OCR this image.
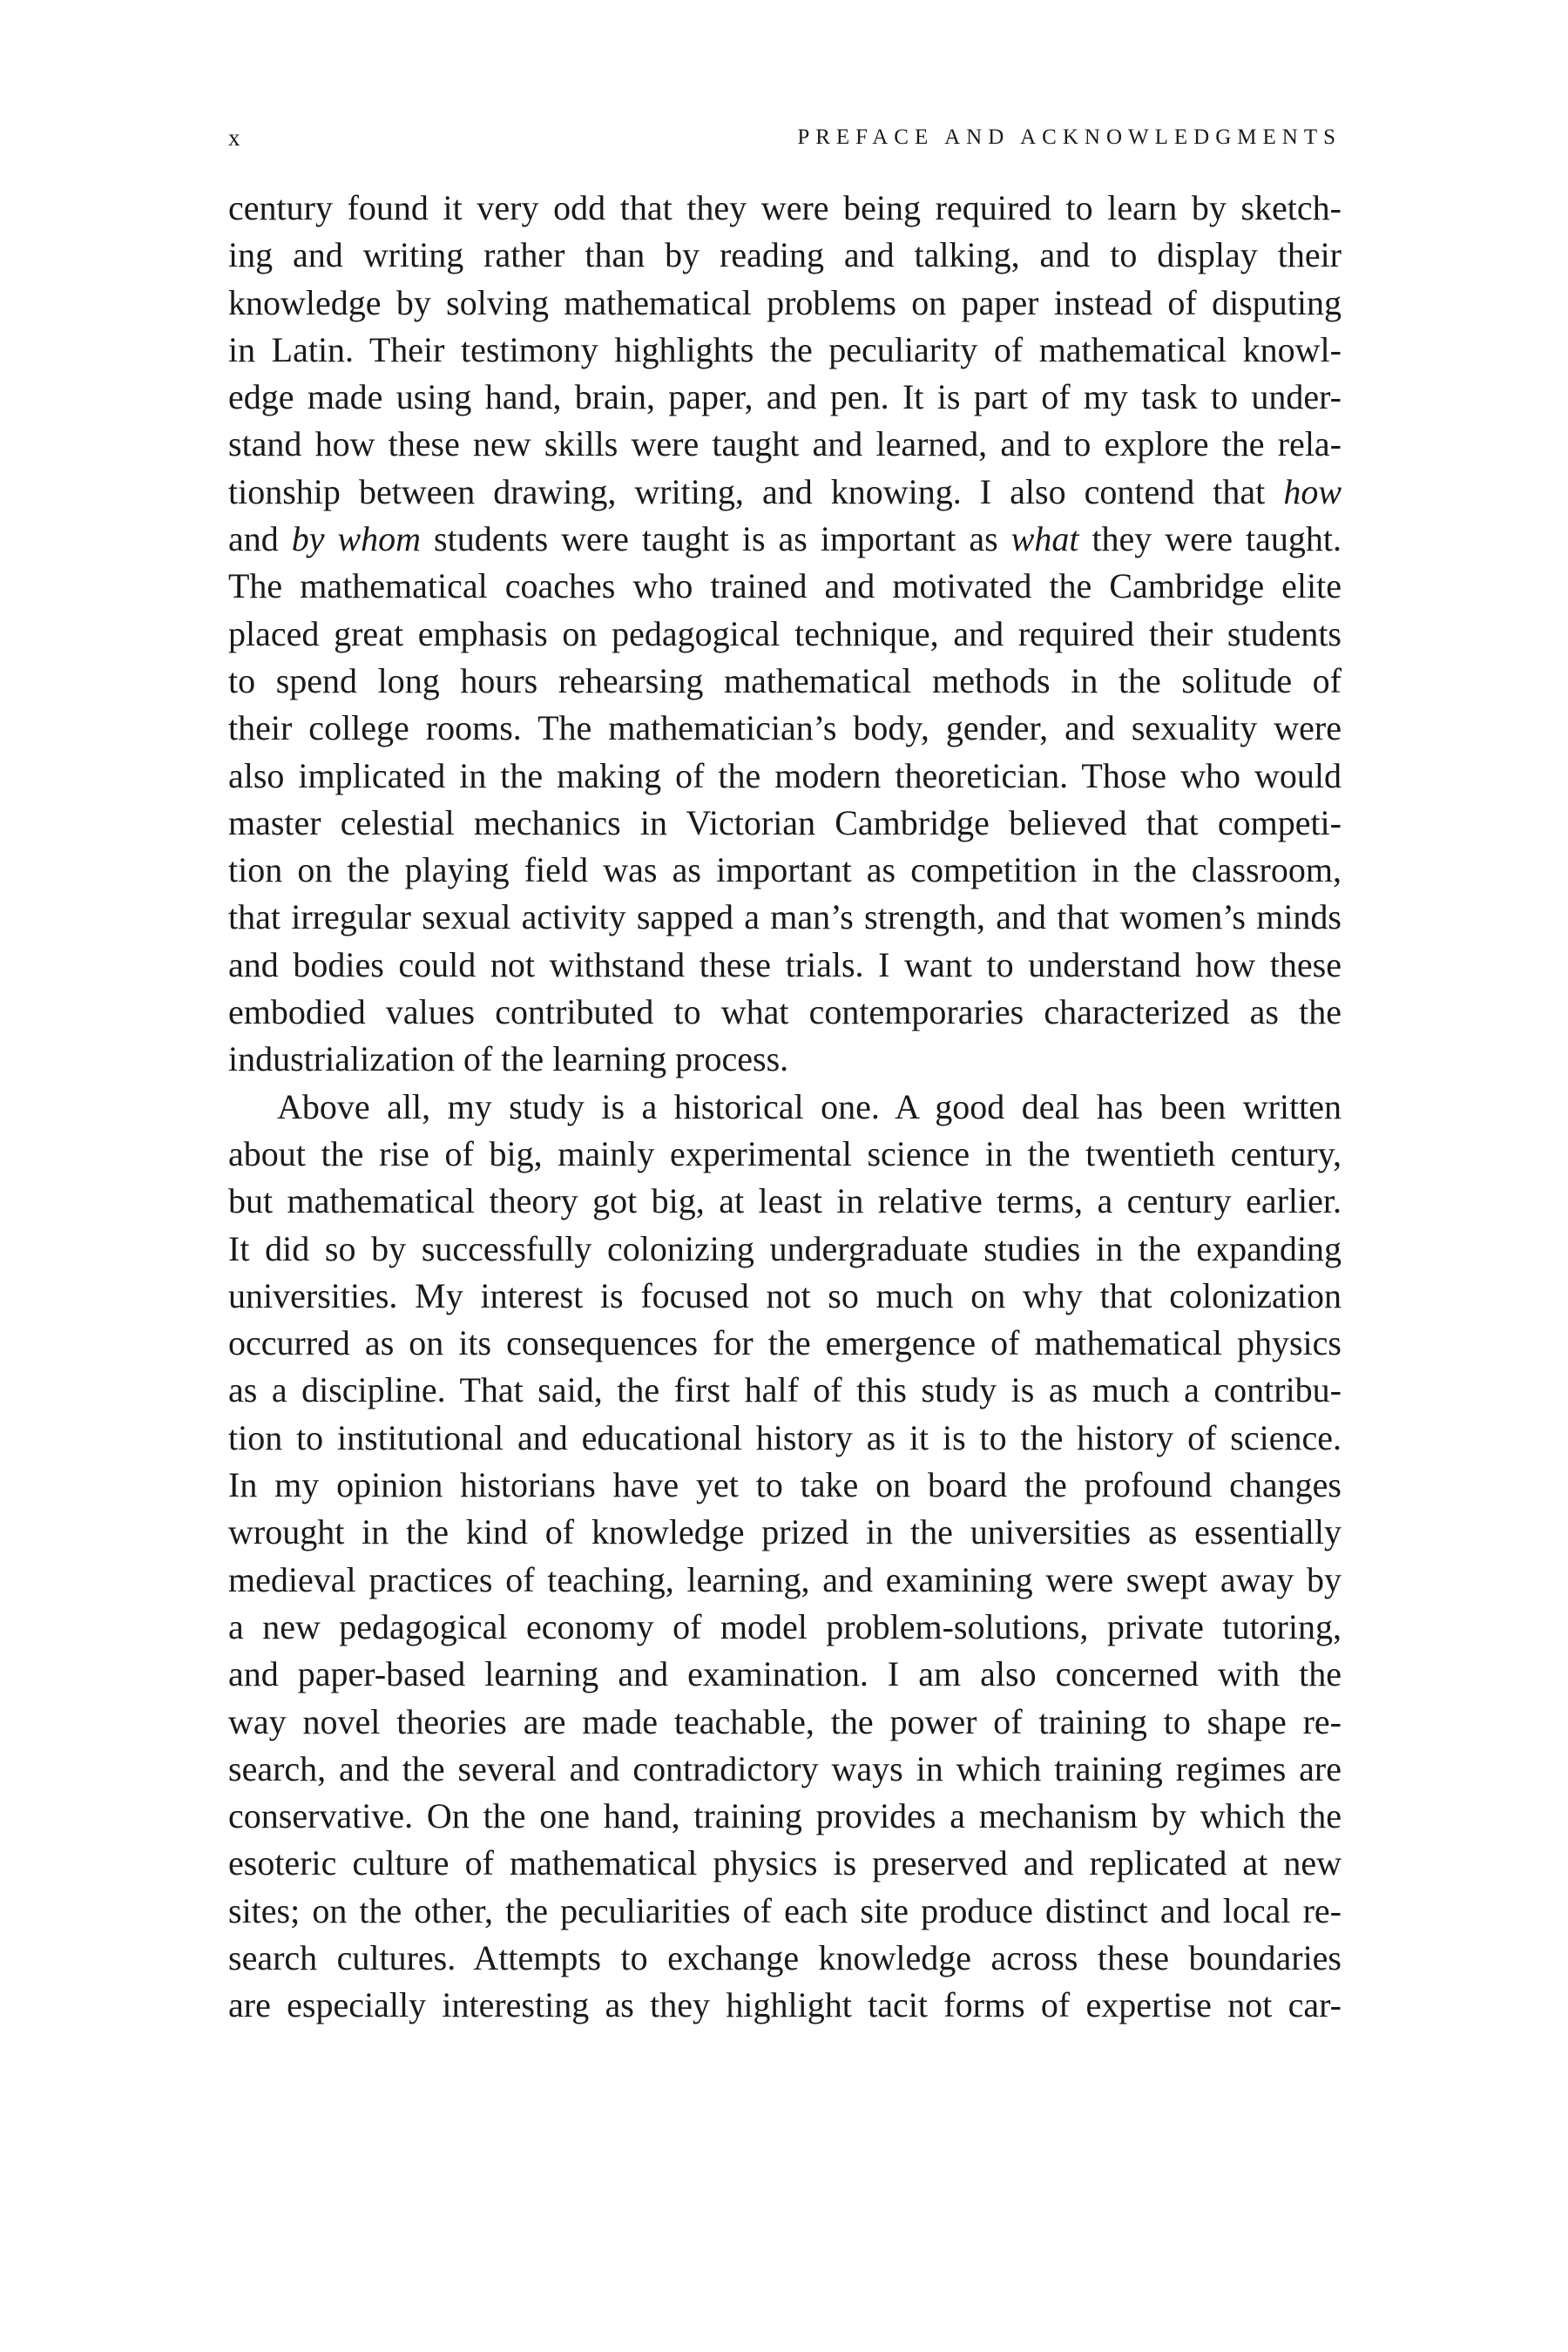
x	PREFACE AND ACKNOWLEDGMENTS
century found it very odd that they were being required to learn by sketch-
ing and writing rather than by reading and talking, and to display their
knowledge by solving mathematical problems on paper instead of disputing
in Latin. Their testimony highlights the peculiarity of mathematical knowl-
edge made using hand, brain, paper, and pen. It is part of my task to under-
stand how these new skills were taught and learned, and to explore the rela-
tionship between drawing, writing, and knowing. I also contend that how
and by whom students were taught is as important as what they were taught.
The mathematical coaches who trained and motivated the Cambridge elite
placed great emphasis on pedagogical technique, and required their students
to spend long hours rehearsing mathematical methods in the solitude of
their college rooms. The mathematician’s body, gender, and sexuality were
also implicated in the making of the modern theoretician. Those who would
master celestial mechanics in Victorian Cambridge believed that competi-
tion on the playing field was as important as competition in the classroom,
that irregular sexual activity sapped a man’s strength, and that women’s minds
and bodies could not withstand these trials. I want to understand how these
embodied values contributed to what contemporaries characterized as the
industrialization of the learning process.
Above all, my study is a historical one. A good deal has been written
about the rise of big, mainly experimental science in the twentieth century,
but mathematical theory got big, at least in relative terms, a century earlier.
It did so by successfully colonizing undergraduate studies in the expanding
universities. My interest is focused not so much on why that colonization
occurred as on its consequences for the emergence of mathematical physics
as a discipline. That said, the first half of this study is as much a contribu-
tion to institutional and educational history as it is to the history of science.
In my opinion historians have yet to take on board the profound changes
wrought in the kind of knowledge prized in the universities as essentially
medieval practices of teaching, learning, and examining were swept away by
a new pedagogical economy of model problem-solutions, private tutoring,
and paper-based learning and examination. I am also concerned with the
way novel theories are made teachable, the power of training to shape re-
search, and the several and contradictory ways in which training regimes are
conservative. On the one hand, training provides a mechanism by which the
esoteric culture of mathematical physics is preserved and replicated at new
sites; on the other, the peculiarities of each site produce distinct and local re-
search cultures. Attempts to exchange knowledge across these boundaries
are especially interesting as they highlight tacit forms of expertise not car-
